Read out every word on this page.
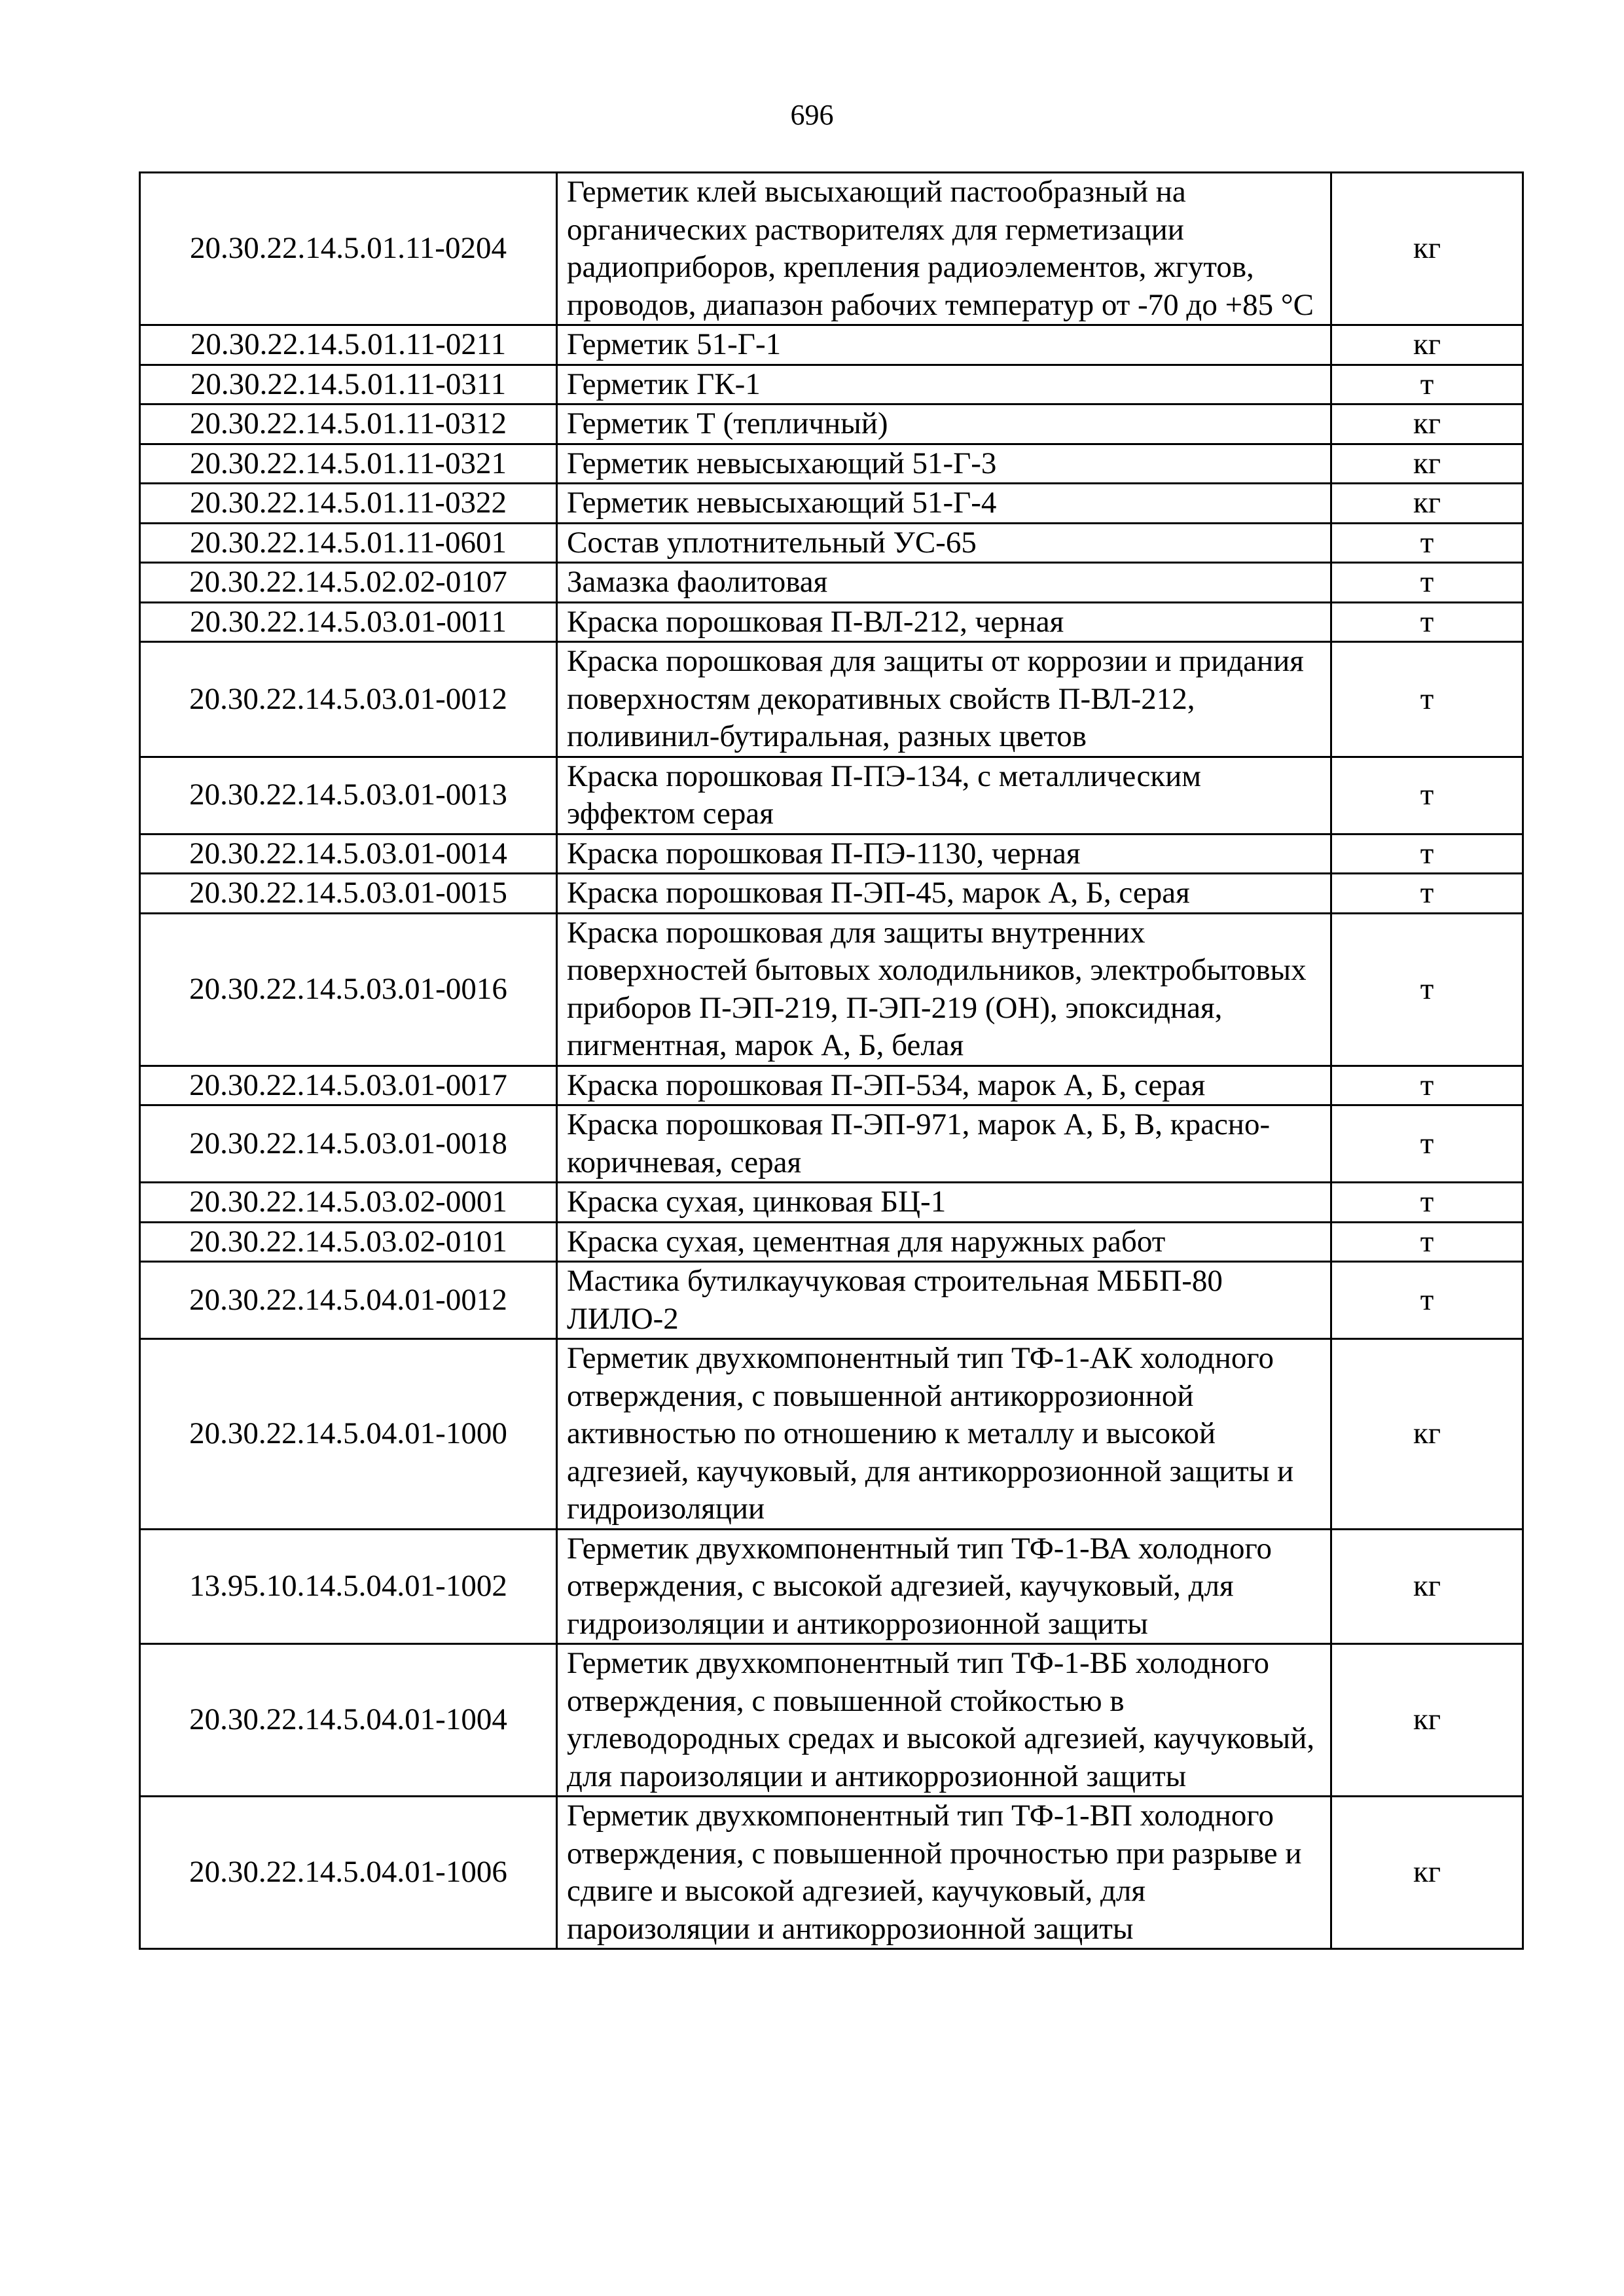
696
20.30.22.14.5.01.11-0204	Герметик клей высыхающий пастообразный на органических растворителях для герметизации радиоприборов, крепления радиоэлементов, жгутов, проводов, диапазон рабочих температур от -70 до +85 °С	кг
20.30.22.14.5.01.11-0211	Герметик 51-Г-1	кг
20.30.22.14.5.01.11-0311	Герметик ГК-1	т
20.30.22.14.5.01.11-0312	Герметик Т (тепличный)	кг
20.30.22.14.5.01.11-0321	Герметик невысыхающий 51-Г-3	кг
20.30.22.14.5.01.11-0322	Герметик невысыхающий 51-Г-4	кг
20.30.22.14.5.01.11-0601	Состав уплотнительный УС-65	т
20.30.22.14.5.02.02-0107	Замазка фаолитовая	т
20.30.22.14.5.03.01-0011	Краска порошковая П-ВЛ-212, черная	т
20.30.22.14.5.03.01-0012	Краска порошковая для защиты от коррозии и придания поверхностям декоративных свойств П-ВЛ-212, поливинил-бутиральная, разных цветов	т
20.30.22.14.5.03.01-0013	Краска порошковая П-ПЭ-134, с металлическим эффектом серая	т
20.30.22.14.5.03.01-0014	Краска порошковая П-ПЭ-1130, черная	т
20.30.22.14.5.03.01-0015	Краска порошковая П-ЭП-45, марок А, Б, серая	т
20.30.22.14.5.03.01-0016	Краска порошковая для защиты внутренних поверхностей бытовых холодильников, электробытовых приборов П-ЭП-219, П-ЭП-219 (ОН), эпоксидная, пигментная, марок А, Б, белая	т
20.30.22.14.5.03.01-0017	Краска порошковая П-ЭП-534, марок А, Б, серая	т
20.30.22.14.5.03.01-0018	Краска порошковая П-ЭП-971, марок А, Б, В, красно-коричневая, серая	т
20.30.22.14.5.03.02-0001	Краска сухая, цинковая БЦ-1	т
20.30.22.14.5.03.02-0101	Краска сухая, цементная для наружных работ	т
20.30.22.14.5.04.01-0012	Мастика бутилкаучуковая строительная МББП-80 ЛИЛО-2	т
20.30.22.14.5.04.01-1000	Герметик двухкомпонентный тип ТФ-1-АК холодного отверждения, с повышенной антикоррозионной активностью по отношению к металлу и высокой адгезией, каучуковый, для антикоррозионной защиты и гидроизоляции	кг
13.95.10.14.5.04.01-1002	Герметик двухкомпонентный тип ТФ-1-ВА холодного отверждения, с высокой адгезией, каучуковый, для гидроизоляции и антикоррозионной защиты	кг
20.30.22.14.5.04.01-1004	Герметик двухкомпонентный тип ТФ-1-ВБ холодного отверждения, с повышенной стойкостью в углеводородных средах и высокой адгезией, каучуковый, для пароизоляции и антикоррозионной защиты	кг
20.30.22.14.5.04.01-1006	Герметик двухкомпонентный тип ТФ-1-ВП холодного отверждения, с повышенной прочностью при разрыве и сдвиге и высокой адгезией, каучуковый, для пароизоляции и антикоррозионной защиты	кг
